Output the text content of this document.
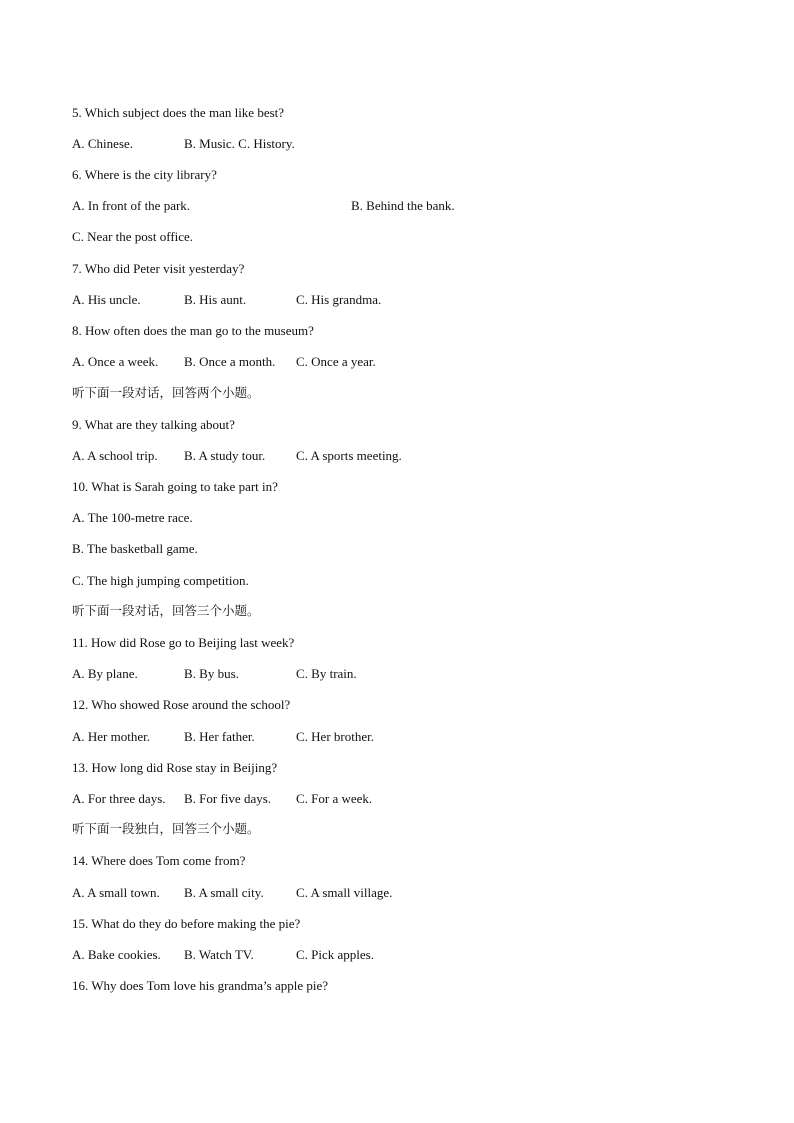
5. Which subject does the man like best?
A. Chinese.	B. Music. C. History.
6. Where is the city library?
A. In front of the park.	B. Behind the bank.
C. Near the post office.
7. Who did Peter visit yesterday?
A. His uncle.	B. His aunt.	C. His grandma.
8. How often does the man go to the museum?
A. Once a week. B. Once a month. C. Once a year.
听下面一段对话，回答两个小题。
9. What are they talking about?
A. A school trip. B. A study tour. C. A sports meeting.
10. What is Sarah going to take part in?
A. The 100-metre race.
B. The basketball game.
C. The high jumping competition.
听下面一段对话，回答三个小题。
11. How did Rose go to Beijing last week?
A. By plane.	B. By bus.	C. By train.
12. Who showed Rose around the school?
A. Her mother.	B. Her father.	C. Her brother.
13. How long did Rose stay in Beijing?
A. For three days. B. For five days. C. For a week.
听下面一段独白，回答三个小题。
14. Where does Tom come from?
A. A small town. B. A small city. C. A small village.
15. What do they do before making the pie?
A. Bake cookies. B. Watch TV.	C. Pick apples.
16. Why does Tom love his grandma’s apple pie?
